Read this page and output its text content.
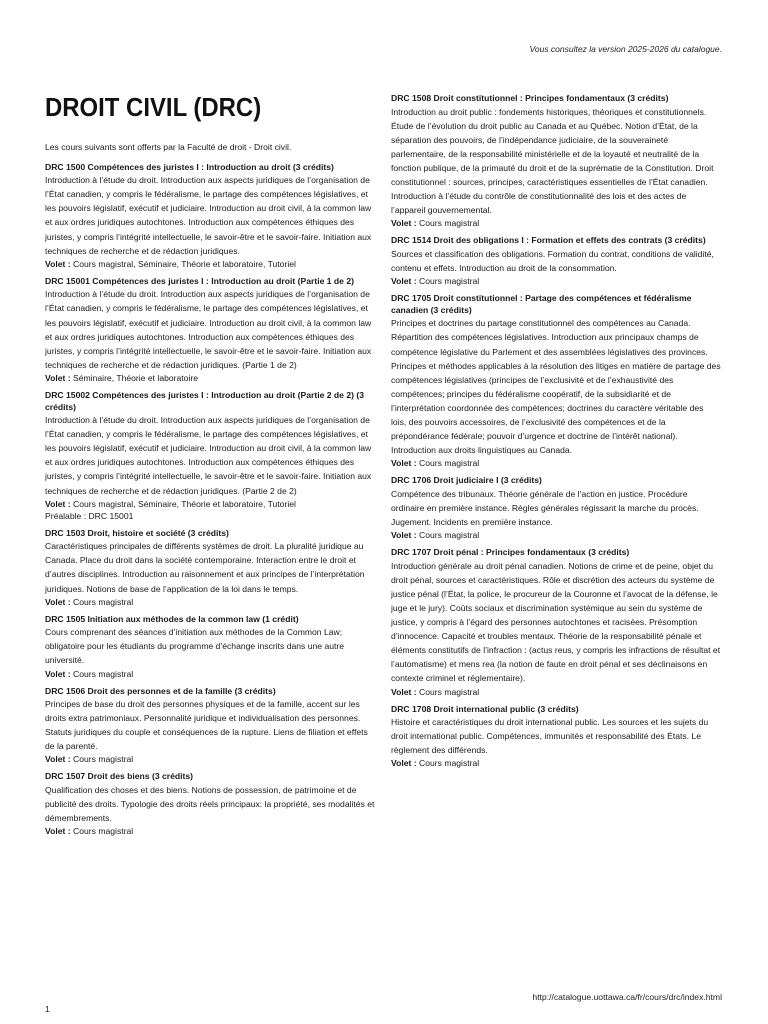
Vous consultez la version 2025-2026 du catalogue.
DROIT CIVIL (DRC)

Les cours suivants sont offerts par la Faculté de droit - Droit civil.

DRC 1500 Compétences des juristes I : Introduction au droit (3 crédits)

Introduction à l’étude du droit. Introduction aux aspects juridiques de l’organisation de l’État canadien, y compris le fédéralisme, le partage des compétences législatives, et les pouvoirs législatif, exécutif et judiciaire. Introduction au droit civil, à la common law et aux ordres juridiques autochtones. Introduction aux compétences éthiques des juristes, y compris l’intégrité intellectuelle, le savoir-être et le savoir-faire. Initiation aux techniques de recherche et de rédaction juridiques.

Volet : Cours magistral, Séminaire, Théorie et laboratoire, Tutoriel

DRC 15001 Compétences des juristes I : Introduction au droit (Partie 1 de 2)

Introduction à l’étude du droit. Introduction aux aspects juridiques de l’organisation de l’État canadien, y compris le fédéralisme, le partage des compétences législatives, et les pouvoirs législatif, exécutif et judiciaire. Introduction au droit civil, à la common law et aux ordres juridiques autochtones. Introduction aux compétences éthiques des juristes, y compris l’intégrité intellectuelle, le savoir-être et le savoir-faire. Initiation aux techniques de recherche et de rédaction juridiques. (Partie 1 de 2)

Volet : Séminaire, Théorie et laboratoire

DRC 15002 Compétences des juristes I : Introduction au droit (Partie 2 de 2) (3 crédits)

Introduction à l’étude du droit. Introduction aux aspects juridiques de l’organisation de l’État canadien, y compris le fédéralisme, le partage des compétences législatives, et les pouvoirs législatif, exécutif et judiciaire. Introduction au droit civil, à la common law et aux ordres juridiques autochtones. Introduction aux compétences éthiques des juristes, y compris l’intégrité intellectuelle, le savoir-être et le savoir-faire. Initiation aux techniques de recherche et de rédaction juridiques. (Partie 2 de 2)

Volet : Cours magistral, Séminaire, Théorie et laboratoire, Tutoriel

Préalable : DRC 15001

DRC 1503 Droit, histoire et société (3 crédits)

Caractéristiques principales de différents systèmes de droit. La pluralité juridique au Canada. Place du droit dans la société contemporaine. Interaction entre le droit et d’autres disciplines. Introduction au raisonnement et aux principes de l’interprétation juridiques. Notions de base de l’application de la loi dans le temps.

Volet : Cours magistral

DRC 1505 Initiation aux méthodes de la common law (1 crédit)

Cours comprenant des séances d’initiation aux méthodes de la Common Law; obligatoire pour les étudiants du programme d’échange inscrits dans une autre université.

Volet : Cours magistral

DRC 1506 Droit des personnes et de la famille (3 crédits)

Principes de base du droit des personnes physiques et de la famille, accent sur les droits extra patrimoniaux. Personnalité juridique et individualisation des personnes. Statuts juridiques du couple et conséquences de la rupture. Liens de filiation et effets de la parenté.

Volet : Cours magistral

DRC 1507 Droit des biens (3 crédits)

Qualification des choses et des biens. Notions de possession, de patrimoine et de publicité des droits. Typologie des droits réels principaux: la propriété, ses modalités et démembrements.

Volet : Cours magistral

DRC 1508 Droit constitutionnel : Principes fondamentaux (3 crédits)

Introduction au droit public : fondements historiques, théoriques et constitutionnels. Étude de l’évolution du droit public au Canada et au Québec. Notion d’État, de la séparation des pouvoirs, de l’indépendance judiciaire, de la souveraineté parlementaire, de la responsabilité ministérielle et de la loyauté et neutralité de la fonction publique, de la primauté du droit et de la suprématie de la Constitution. Droit constitutionnel : sources, principes, caractéristiques essentielles de l’État canadien. Introduction à l’étude du contrôle de constitutionnalité des lois et des actes de l’appareil gouvernemental.

Volet : Cours magistral

DRC 1514 Droit des obligations I : Formation et effets des contrats (3 crédits)

Sources et classification des obligations. Formation du contrat, conditions de validité, contenu et effets. Introduction au droit de la consommation.

Volet : Cours magistral

DRC 1705 Droit constitutionnel : Partage des compétences et fédéralisme canadien (3 crédits)

Principes et doctrines du partage constitutionnel des compétences au Canada. Répartition des compétences législatives. Introduction aux principaux champs de compétence législative du Parlement et des assemblées législatives des provinces. Principes et méthodes applicables à la résolution des litiges en matière de partage des compétences législatives (principes de l’exclusivité et de l’exhaustivité des compétences; principes du fédéralisme coopératif, de la subsidiarité et de l’interprétation coordonnée des compétences; doctrines du caractère véritable des lois, des pouvoirs accessoires, de l’exclusivité des compétences et de la prépondérance fédérale; pouvoir d’urgence et doctrine de l’intérêt national). Introduction aux droits linguistiques au Canada.

Volet : Cours magistral

DRC 1706 Droit judiciaire I (3 crédits)

Compétence des tribunaux. Théorie générale de l’action en justice. Procédure ordinaire en première instance. Règles générales régissant la marche du procès. Jugement. Incidents en première instance.

Volet : Cours magistral

DRC 1707 Droit pénal : Principes fondamentaux (3 crédits)

Introduction générale au droit pénal canadien. Notions de crime et de peine, objet du droit pénal, sources et caractéristiques. Rôle et discrétion des acteurs du système de justice pénal (l’État, la police, le procureur de la Couronne et l’avocat de la défense, le juge et le jury). Coûts sociaux et discrimination systémique au sein du système de justice, y compris à l’égard des personnes autochtones et racisées. Présomption d’innocence. Capacité et troubles mentaux. Théorie de la responsabilité pénale et éléments constitutifs de l’infraction : (actus reus, y compris les infractions de résultat et l’automatisme) et mens rea (la notion de faute en droit pénal et ses déclinaisons en contexte criminel et réglementaire).

Volet : Cours magistral

DRC 1708 Droit international public (3 crédits)

Histoire et caractéristiques du droit international public. Les sources et les sujets du droit international public. Compétences, immunités et responsabilité des États. Le règlement des différends.

Volet : Cours magistral

http://catalogue.uottawa.ca/fr/cours/drc/index.html
1
